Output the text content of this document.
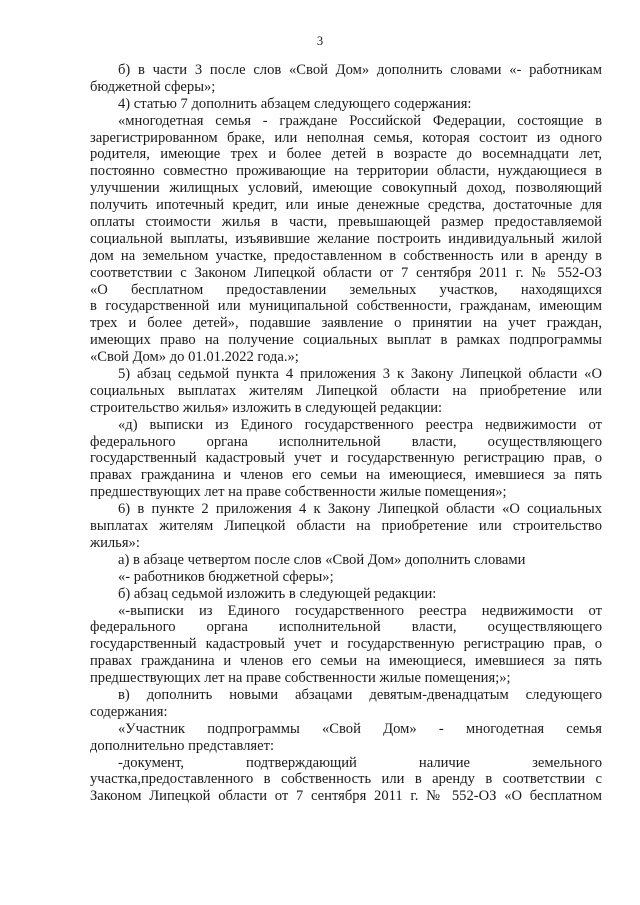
3
б) в части 3 после слов «Свой Дом» дополнить словами «- работникам
бюджетной сферы»;
4) статью 7 дополнить абзацем следующего содержания:
«многодетная семья - граждане Российской Федерации, состоящие в
зарегистрированном браке, или неполная семья, которая состоит из одного
родителя, имеющие трех и более детей в возрасте до восемнадцати лет,
постоянно совместно проживающие на территории области, нуждающиеся в
улучшении жилищных условий, имеющие совокупный доход, позволяющий
получить ипотечный кредит, или иные денежные средства, достаточные для
оплаты стоимости жилья в части, превышающей размер предоставляемой
социальной выплаты, изъявившие желание построить индивидуальный жилой
дом на земельном участке, предоставленном в собственность или в аренду в
соответствии с Законом Липецкой области от 7 сентября 2011 г. № 552-ОЗ
«О бесплатном предоставлении земельных участков, находящихся
в государственной или муниципальной собственности, гражданам, имеющим
трех и более детей», подавшие заявление о принятии на учет граждан,
имеющих право на получение социальных выплат в рамках подпрограммы
«Свой Дом» до 01.01.2022 года.»;
5) абзац седьмой пункта 4 приложения 3 к Закону Липецкой области «О
социальных выплатах жителям Липецкой области на приобретение или
строительство жилья» изложить в следующей редакции:
«д) выписки из Единого государственного реестра недвижимости от
федерального органа исполнительной власти, осуществляющего
государственный кадастровый учет и государственную регистрацию прав, о
правах гражданина и членов его семьи на имеющиеся, имевшиеся за пять
предшествующих лет на праве собственности жилые помещения»;
6) в пункте 2 приложения 4 к Закону Липецкой области «О социальных
выплатах жителям Липецкой области на приобретение или строительство
жилья»:
а) в абзаце четвертом после слов «Свой Дом» дополнить словами
«- работников бюджетной сферы»;
б) абзац седьмой изложить в следующей редакции:
«-выписки из Единого государственного реестра недвижимости от
федерального органа исполнительной власти, осуществляющего
государственный кадастровый учет и государственную регистрацию прав, о
правах гражданина и членов его семьи на имеющиеся, имевшиеся за пять
предшествующих лет на праве собственности жилые помещения;»;
в) дополнить новыми абзацами девятым-двенадцатым следующего
содержания:
«Участник подпрограммы «Свой Дом» - многодетная семья
дополнительно представляет:
-документ, подтверждающий наличие земельного
участка,предоставленного в собственность или в аренду в соответствии с
Законом Липецкой области от 7 сентября 2011 г. № 552-ОЗ «О бесплатном
